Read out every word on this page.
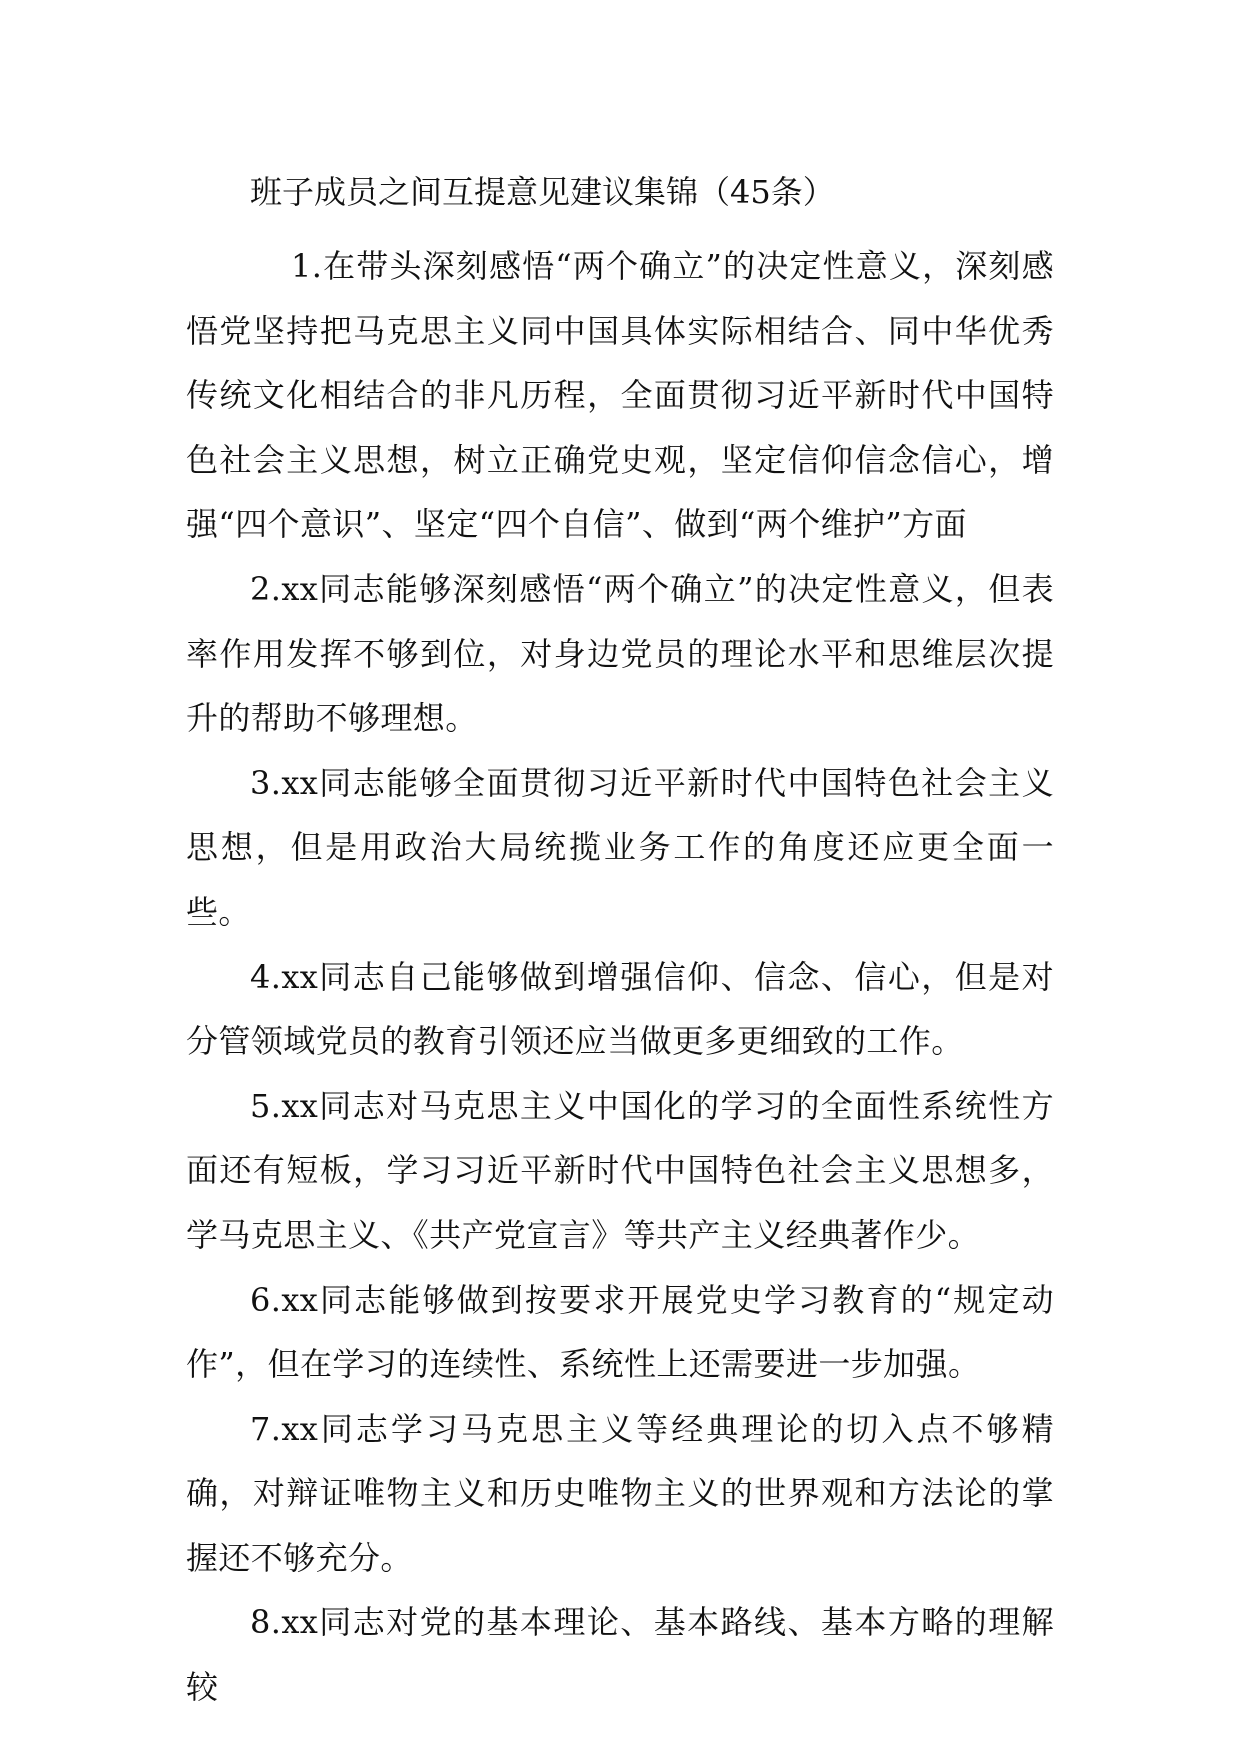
班子成员之间互提意见建议集锦（45条）

1.在带头深刻感悟“两个确立”的决定性意义，深刻感悟党坚持把马克思主义同中国具体实际相结合、同中华优秀传统文化相结合的非凡历程，全面贯彻习近平新时代中国特色社会主义思想，树立正确党史观，坚定信仰信念信心，增强“四个意识”、坚定“四个自信”、做到“两个维护”方面

2.xx同志能够深刻感悟“两个确立”的决定性意义，但表率作用发挥不够到位，对身边党员的理论水平和思维层次提升的帮助不够理想。

3.xx同志能够全面贯彻习近平新时代中国特色社会主义思想，但是用政治大局统揽业务工作的角度还应更全面一些。

4.xx同志自己能够做到增强信仰、信念、信心，但是对分管领域党员的教育引领还应当做更多更细致的工作。

5.xx同志对马克思主义中国化的学习的全面性系统性方面还有短板，学习习近平新时代中国特色社会主义思想多，学马克思主义、《共产党宣言》等共产主义经典著作少。

6.xx同志能够做到按要求开展党史学习教育的“规定动作”，但在学习的连续性、系统性上还需要进一步加强。

7.xx同志学习马克思主义等经典理论的切入点不够精确，对辩证唯物主义和历史唯物主义的世界观和方法论的掌握还不够充分。

8.xx同志对党的基本理论、基本路线、基本方略的理解较
